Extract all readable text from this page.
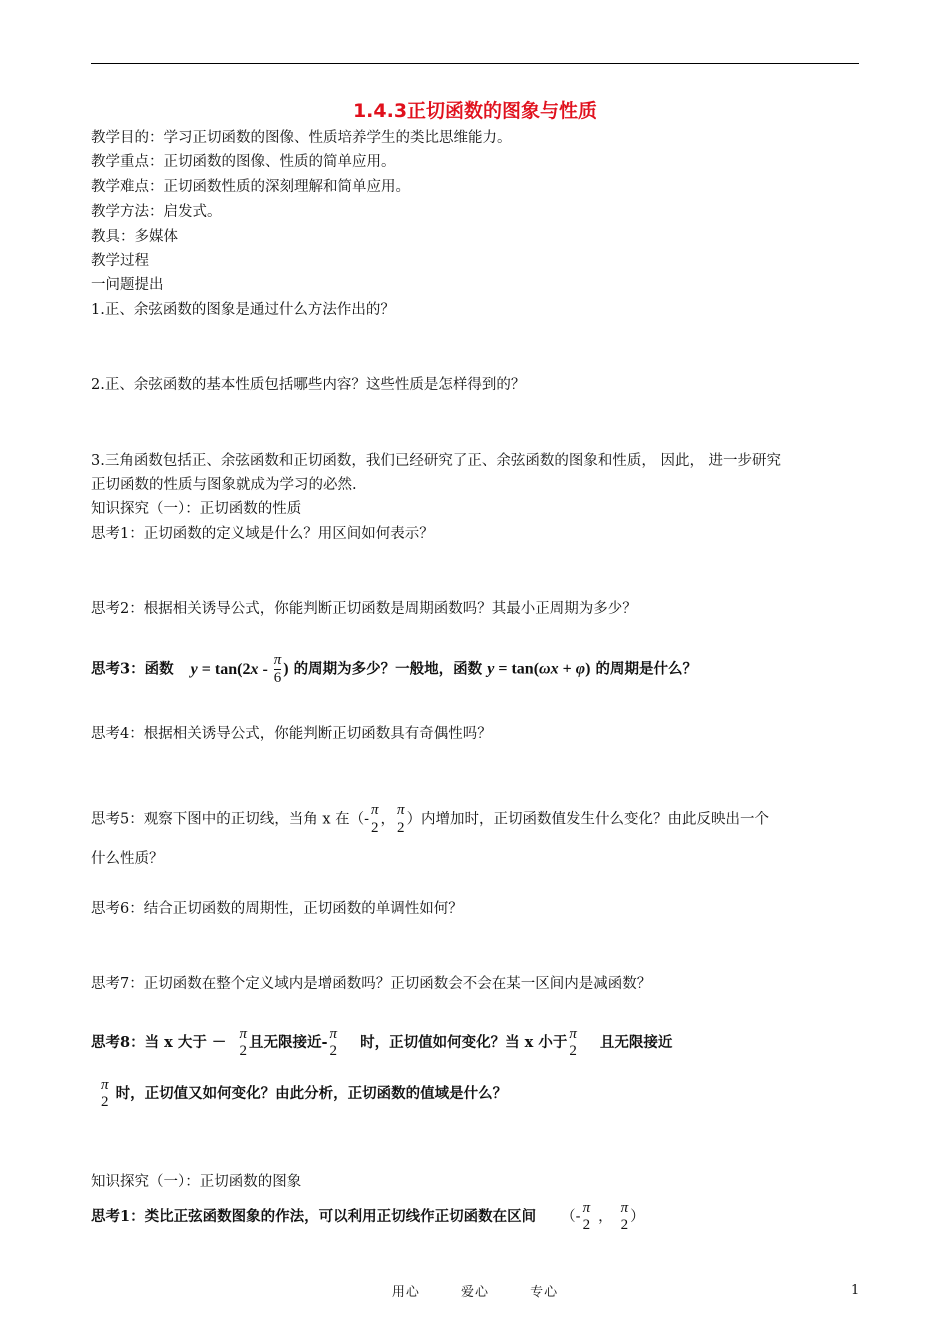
1.4.3正切函数的图象与性质
教学目的：学习正切函数的图像、性质培养学生的类比思维能力。
教学重点：正切函数的图像、性质的简单应用。
教学难点：正切函数性质的深刻理解和简单应用。
教学方法：启发式。
教具：多媒体
教学过程
一问题提出
1.正、余弦函数的图象是通过什么方法作出的？
2.正、余弦函数的基本性质包括哪些内容？这些性质是怎样得到的？
3.三角函数包括正、余弦函数和正切函数，我们已经研究了正、余弦函数的图象和性质， 因此， 进一步研究
正切函数的性质与图象就成为学习的必然.
知识探究（一）：正切函数的性质
思考1：正切函数的定义域是什么？用区间如何表示？
思考2：根据相关诱导公式，你能判断正切函数是周期函数吗？其最小正周期为多少？
思考3：函数 $y = \tan(2x - \frac{\pi}{6}$ ) 的周期为多少？一般地，函数 y = tan(ωx + φ) 的周期是什么？
思考4：根据相关诱导公式，你能判断正切函数具有奇偶性吗？
思考5：观察下图中的正切线，当角 x 在（-
π
2
，
π
2
）内增加时，正切函数值发生什么变化？由此反映出一个
什么性质？
思考6：结合正切函数的周期性，正切函数的单调性如何？
思考7：正切函数在整个定义域内是增函数吗？正切函数会不会在某一区间内是减函数？
思考8：当 x 大于 － π
2 且无限接近- π
2 时，正切值如何变化？当 x 小于 π
2 且无限接近
π
2 时，正切值又如何变化？由此分析，正切函数的值域是什么？
知识探究（一）：正切函数的图象
思考1：类比正弦函数图象的作法，可以利用正切线作正切函数在区间 （-
π
2 ，
π
2 ）
用心	爱心	专心	1
